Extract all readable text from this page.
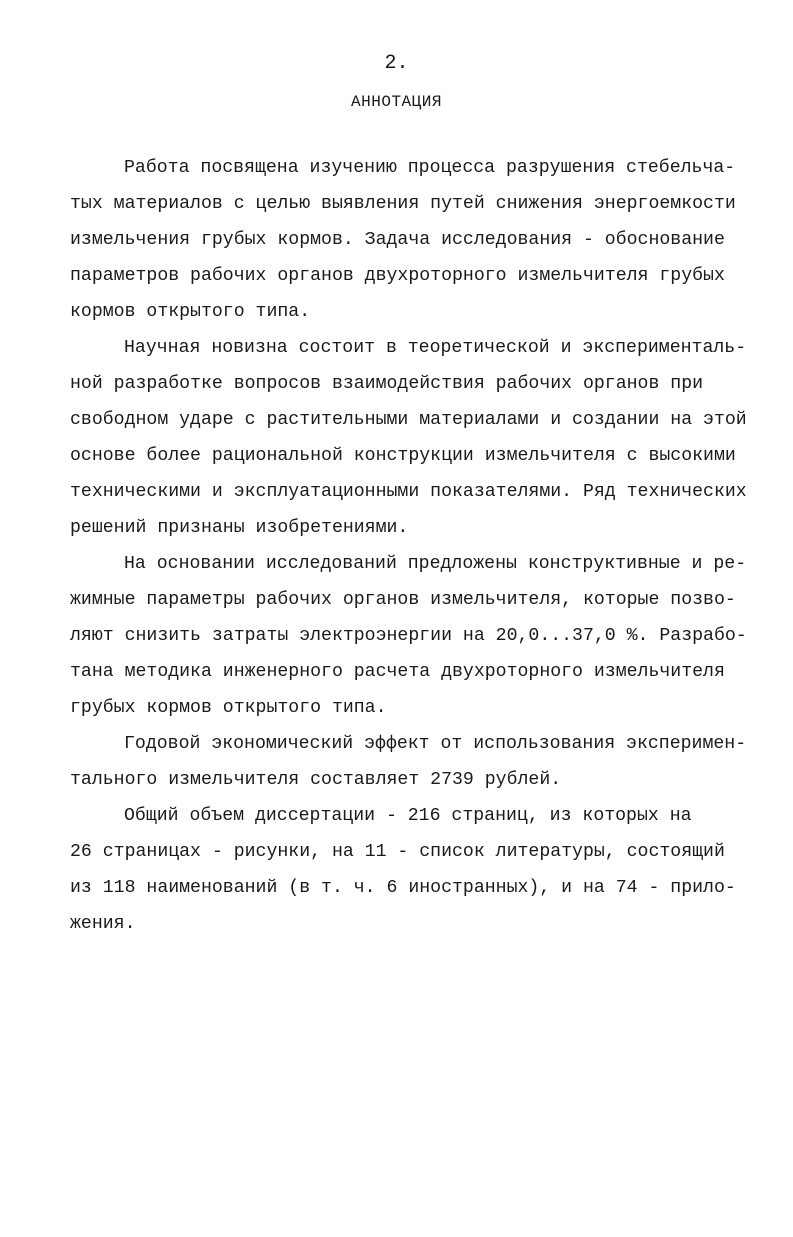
2.
АННОТАЦИЯ

Работа посвящена изучению процесса разрушения стебельча-
тых материалов с целью выявления путей снижения энергоемкости
измельчения грубых кормов. Задача исследования - обоснование
параметров рабочих органов двухроторного измельчителя грубых
кормов открытого типа.

Научная новизна состоит в теоретической и эксперименталь-
ной разработке вопросов взаимодействия рабочих органов при
свободном ударе с растительными материалами и создании на этой
основе более рациональной конструкции измельчителя с высокими
техническими и эксплуатационными показателями. Ряд технических
решений признаны изобретениями.

На основании исследований предложены конструктивные и ре-
жимные параметры рабочих органов измельчителя, которые позво-
ляют снизить затраты электроэнергии на 20,0...37,0 %. Разрабо-
тана методика инженерного расчета двухроторного измельчителя
грубых кормов открытого типа.

Годовой экономический эффект от использования эксперимен-
тального измельчителя составляет 2739 рублей.

Общий объем диссертации - 216 страниц, из которых на
26 страницах - рисунки, на 11 - список литературы, состоящий
из 118 наименований (в т. ч. 6 иностранных), и на 74 - прило-
жения.
